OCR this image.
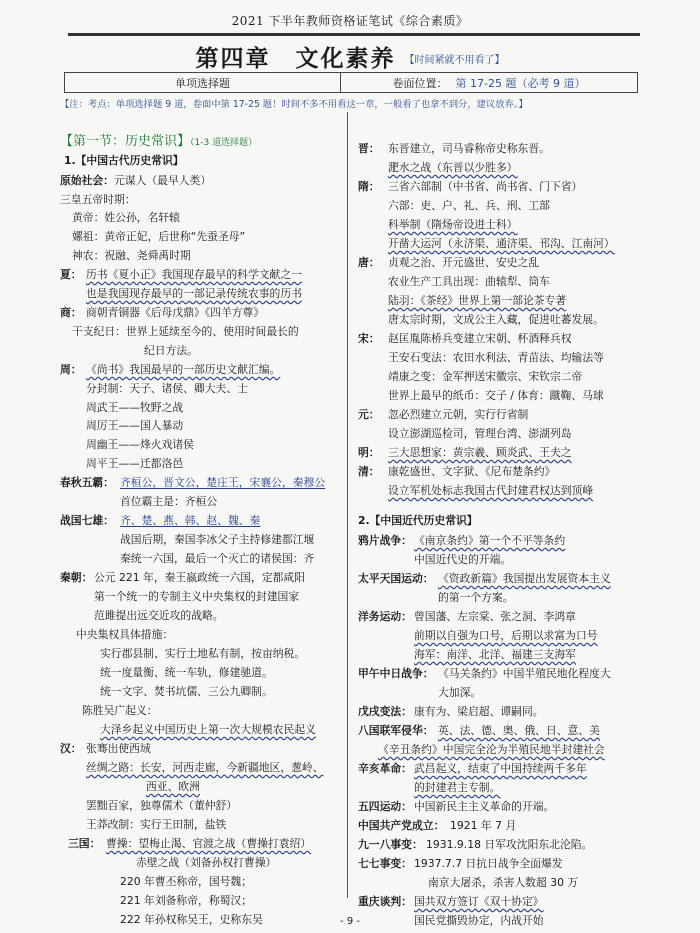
2021 下半年教师资格证笔试《综合素质》
第四章　文化素养 【时间紧就不用看了】
单项选择题	卷面位置： 第 17-25 题（必考 9 道）
【注：考点：单项选择题 9 道，卷面中第 17-25 题！时间不多不用看这一章，一般看了也拿不到分，建议放弃。】
【第一节：历史常识】（1-3 道选择题）
1.【中国古代历史常识】
原始社会：元谋人（最早人类）
三皇五帝时期：
黄帝：姓公孙，名轩辕
嫘祖：黄帝正妃，后世称“先蚕圣母”
神农：祝融、尧舜禹时期
夏： 历书《夏小正》我国现存最早的科学文献之一
也是我国现存最早的一部记录传统农事的历书
商： 商朝青铜器《后母戊鼎》《四羊方尊》
干支纪日：世界上延续至今的、使用时间最长的
纪日方法。
周： 《尚书》我国最早的一部历史文献汇编。
分封制：天子、诸侯、卿大夫、士
周武王——牧野之战
周厉王——国人暴动
周幽王——烽火戏诸侯
周平王——迁都洛邑
春秋五霸： 齐桓公，晋文公，楚庄王，宋襄公，秦穆公
首位霸主是：齐桓公
战国七雄： 齐、楚、燕、韩、赵、魏、秦
战国后期，秦国李冰父子主持修建都江堰
秦统一六国，最后一个灭亡的诸侯国：齐
秦朝： 公元 221 年，秦王嬴政统一六国，定都咸阳
第一个统一的专制主义中央集权的封建国家
范雎提出远交近攻的战略。
中央集权具体措施：
实行郡县制、实行土地私有制，按亩纳税。
统一度量衡、统一车轨，修建驰道。
统一文字、焚书坑儒、三公九卿制。
陈胜吴广起义：
大泽乡起义中国历史上第一次大规模农民起义
汉： 张骞出使西域
丝绸之路：长安，河西走廊，今新疆地区，葱岭、
西亚、欧洲
罢黜百家，独尊儒术（董仲舒）
王莽改制：实行王田制，盐铁
三国： 曹操：望梅止渴、官渡之战（曹操打袁绍）
赤壁之战（刘备孙权打曹操）
220 年曹丕称帝，国号魏；
221 年刘备称帝，称蜀汉；
222 年孙权称吴王，史称东吴
晋： 东晋建立，司马睿称帝史称东晋。
淝水之战（东晋以少胜多）
隋： 三省六部制（中书省、尚书省、门下省）
六部：吏、户、礼、兵、刑、工部
科举制（隋炀帝设进士科）
开凿大运河（永济渠、通济渠、邗沟、江南河）
唐： 贞观之治、开元盛世、安史之乱
农业生产工具出现：曲辕犁、筒车
陆羽：《茶经》世界上第一部论茶专著
唐太宗时期，文成公主入藏，促进吐蕃发展。
宋： 赵匡胤陈桥兵变建立宋朝、杯酒释兵权
王安石变法：农田水利法、青苗法、均输法等
靖康之变：金军押送宋徽宗、宋钦宗二帝
世界上最早的纸币：交子 / 体育：蹴鞠、马球
元： 忽必烈建立元朝，实行行省制
设立澎湖巡检司，管理台湾、澎湖列岛
明： 三大思想家：黄宗羲、顾炎武、王夫之
清： 康乾盛世、文字狱、《尼布楚条约》
设立军机处标志我国古代封建君权达到顶峰
2.【中国近代历史常识】
鸦片战争： 《南京条约》第一个不平等条约
中国近代史的开端。
太平天国运动： 《资政新篇》我国提出发展资本主义
的第一个方案。
洋务运动： 曾国藩、左宗棠、张之洞、李鸿章
前期以自强为口号，后期以求富为口号
海军：南洋、北洋、福建三支海军
甲午中日战争： 《马关条约》中国半殖民地化程度大
大加深。
戊戌变法： 康有为、梁启超、谭嗣同。
八国联军侵华： 英、法、德、奥、俄、日、意、美
《辛丑条约》中国完全沦为半殖民地半封建社会
辛亥革命： 武昌起义，结束了中国持续两千多年
的封建君主专制。
五四运动： 中国新民主主义革命的开端。
中国共产党成立： 1921 年 7 月
九一八事变： 1931.9.18 日军攻沈阳东北沦陷。
七七事变： 1937.7.7 日抗日战争全面爆发
南京大屠杀，杀害人数超 30 万
重庆谈判： 国共双方签订《双十协定》
国民党撕毁协定，内战开始
- 9 -
